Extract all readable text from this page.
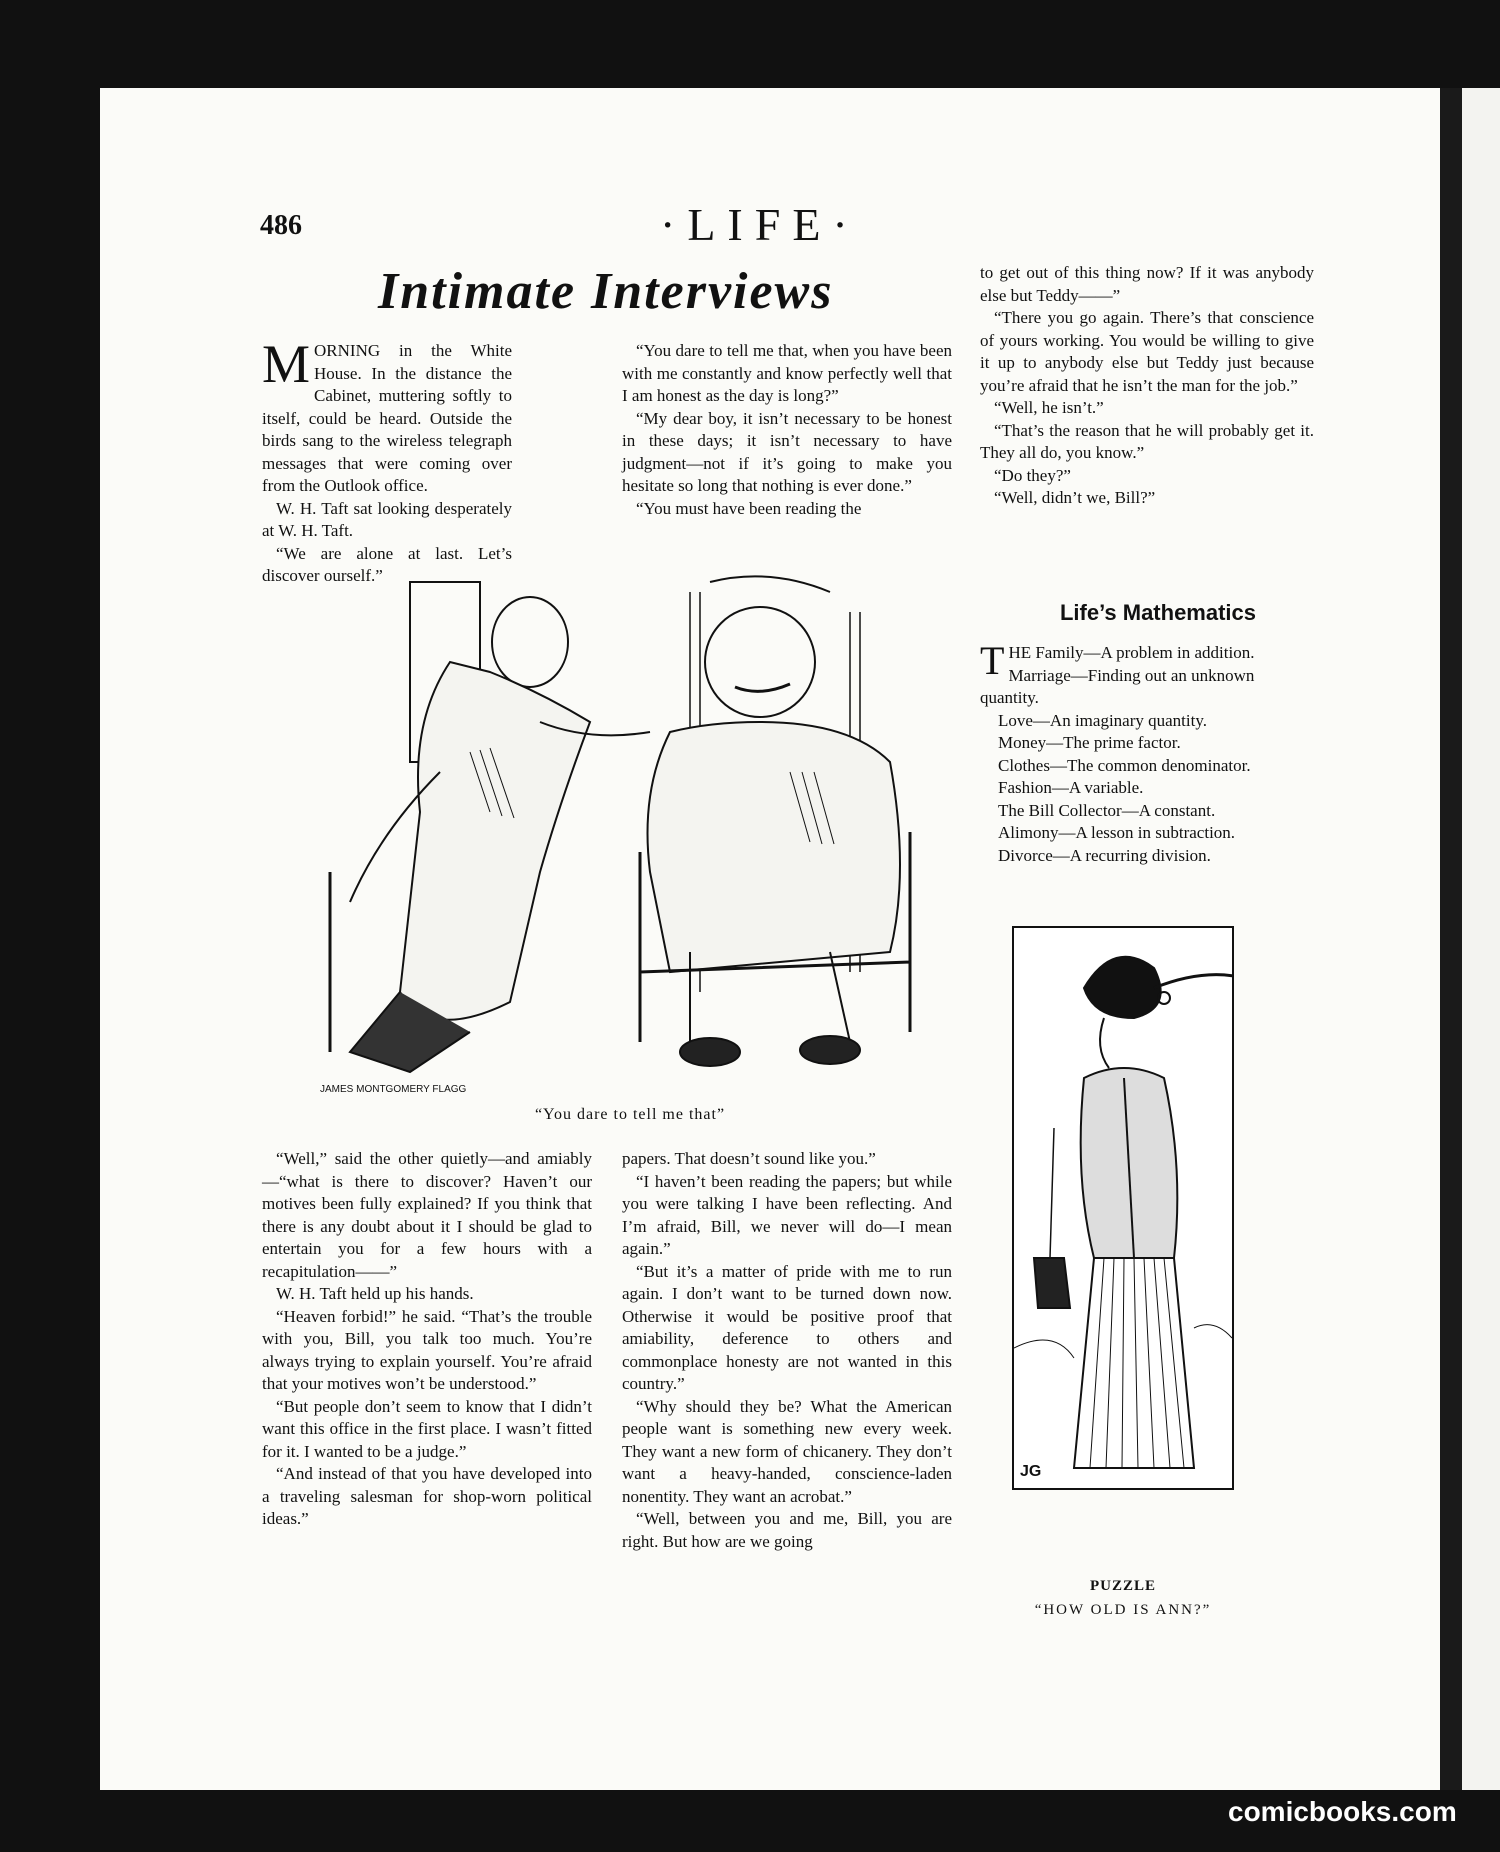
486	·LIFE·
Intimate Interviews

MORNING in the White House. In the distance the Cabinet, muttering softly to itself, could be heard. Outside the birds sang to the wireless telegraph messages that were coming over from the Outlook office.

W. H. Taft sat looking desperately at W. H. Taft.

“We are alone at last. Let’s discover ourself.”

“You dare to tell me that, when you have been with me constantly and know perfectly well that I am honest as the day is long?”

“My dear boy, it isn’t necessary to be honest in these days; it isn’t necessary to have judgment—not if it’s going to make you hesitate so long that nothing is ever done.”

“You must have been reading the

to get out of this thing now? If it was anybody else but Teddy——”

“There you go again. There’s that conscience of yours working. You would be willing to give it up to anybody else but Teddy just because you’re afraid that he isn’t the man for the job.”

“Well, he isn’t.”

“That’s the reason that he will probably get it. They all do, you know.”

“Do they?”

“Well, didn’t we, Bill?”

JAMES MONTGOMERY FLAGG
“You dare to tell me that”

“Well,” said the other quietly—and amiably—“what is there to discover? Haven’t our motives been fully explained? If you think that there is any doubt about it I should be glad to entertain you for a few hours with a recapitulation——”

W. H. Taft held up his hands.

“Heaven forbid!” he said. “That’s the trouble with you, Bill, you talk too much. You’re always trying to explain yourself. You’re afraid that your motives won’t be understood.”

“But people don’t seem to know that I didn’t want this office in the first place. I wasn’t fitted for it. I wanted to be a judge.”

“And instead of that you have developed into a traveling salesman for shop-worn political ideas.”

papers. That doesn’t sound like you.”

“I haven’t been reading the papers; but while you were talking I have been reflecting. And I’m afraid, Bill, we never will do—I mean again.”

“But it’s a matter of pride with me to run again. I don’t want to be turned down now. Otherwise it would be positive proof that amiability, deference to others and commonplace honesty are not wanted in this country.”

“Why should they be? What the American people want is something new every week. They want a new form of chicanery. They don’t want a heavy-handed, conscience-laden nonentity. They want an acrobat.”

“Well, between you and me, Bill, you are right. But how are we going

Life’s Mathematics

THE Family—A problem in addition.

Marriage—Finding out an unknown quantity.

Love—An imaginary quantity.

Money—The prime factor.

Clothes—The common denominator.

Fashion—A variable.

The Bill Collector—A constant.

Alimony—A lesson in subtraction.

Divorce—A recurring division.

JG
PUZZLE
“HOW OLD IS ANN?”
comicbooks.com
